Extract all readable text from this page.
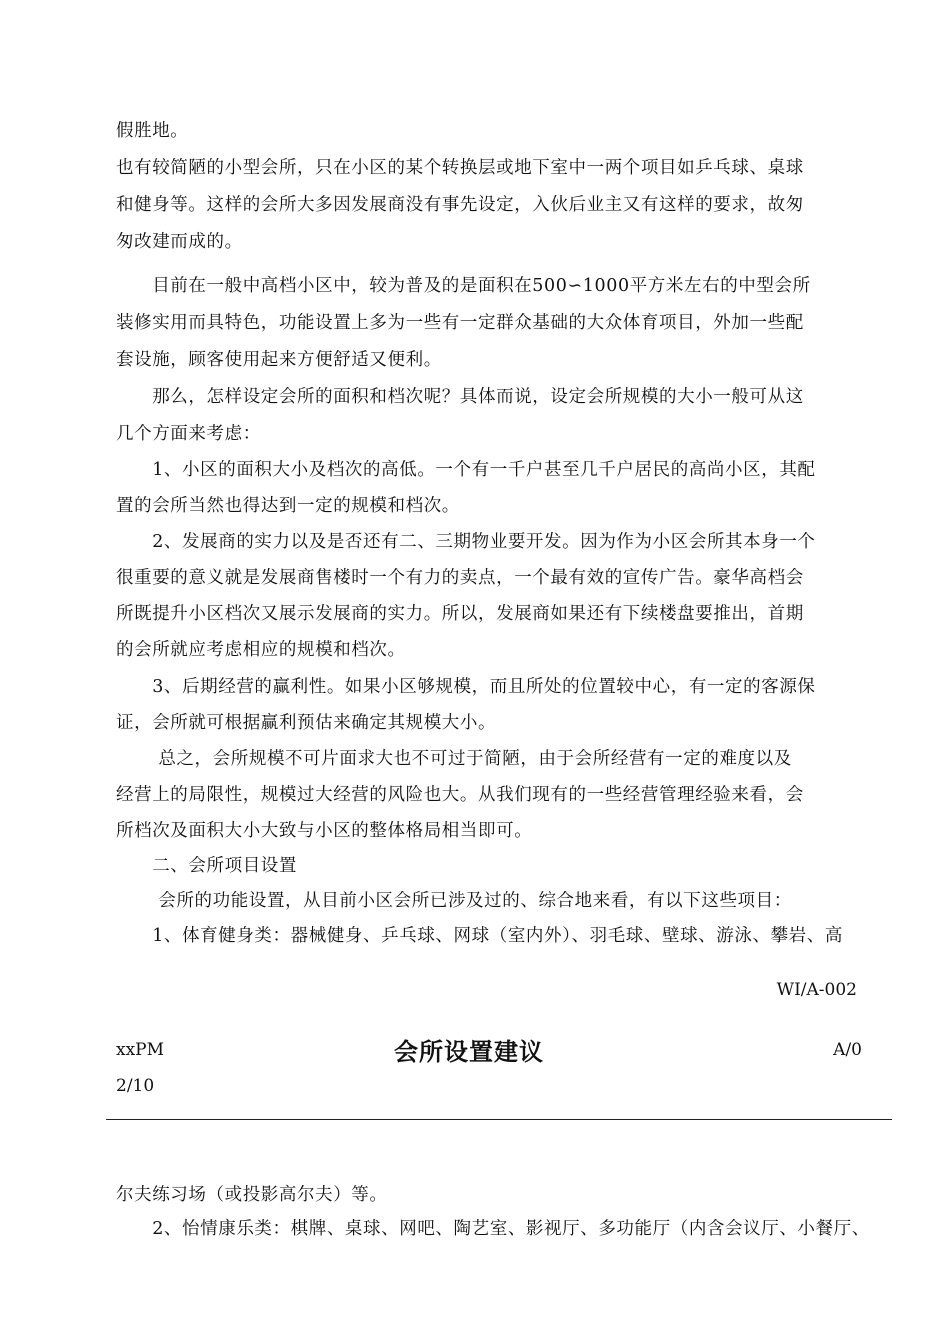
假胜地。
也有较简陋的小型会所，只在小区的某个转换层或地下室中一两个项目如乒乓球、桌球
和健身等。这样的会所大多因发展商没有事先设定，入伙后业主又有这样的要求，故匆
匆改建而成的。
　　目前在一般中高档小区中，较为普及的是面积在500∽1000平方米左右的中型会所
装修实用而具特色，功能设置上多为一些有一定群众基础的大众体育项目，外加一些配
套设施，顾客使用起来方便舒适又便利。
　　那么，怎样设定会所的面积和档次呢？具体而说，设定会所规模的大小一般可从这
几个方面来考虑：
　　1、小区的面积大小及档次的高低。一个有一千户甚至几千户居民的高尚小区，其配
置的会所当然也得达到一定的规模和档次。
　　2、发展商的实力以及是否还有二、三期物业要开发。因为作为小区会所其本身一个
很重要的意义就是发展商售楼时一个有力的卖点，一个最有效的宣传广告。豪华高档会
所既提升小区档次又展示发展商的实力。所以，发展商如果还有下续楼盘要推出，首期
的会所就应考虑相应的规模和档次。
　　3、后期经营的赢利性。如果小区够规模，而且所处的位置较中心，有一定的客源保
证，会所就可根据赢利预估来确定其规模大小。
　　 总之，会所规模不可片面求大也不可过于简陋，由于会所经营有一定的难度以及
经营上的局限性，规模过大经营的风险也大。从我们现有的一些经营管理经验来看，会
所档次及面积大小大致与小区的整体格局相当即可。
　　二、会所项目设置
　　 会所的功能设置，从目前小区会所已涉及过的、综合地来看，有以下这些项目：
　　1、体育健身类：器械健身、乒乓球、网球（室内外）、羽毛球、壁球、游泳、攀岩、高
WI/A-002
xxPM	会所设置建议	A/0
2/10
尔夫练习场（或投影高尔夫）等。
　　2、怡情康乐类：棋牌、桌球、网吧、陶艺室、影视厅、多功能厅（内含会议厅、小餐厅、
